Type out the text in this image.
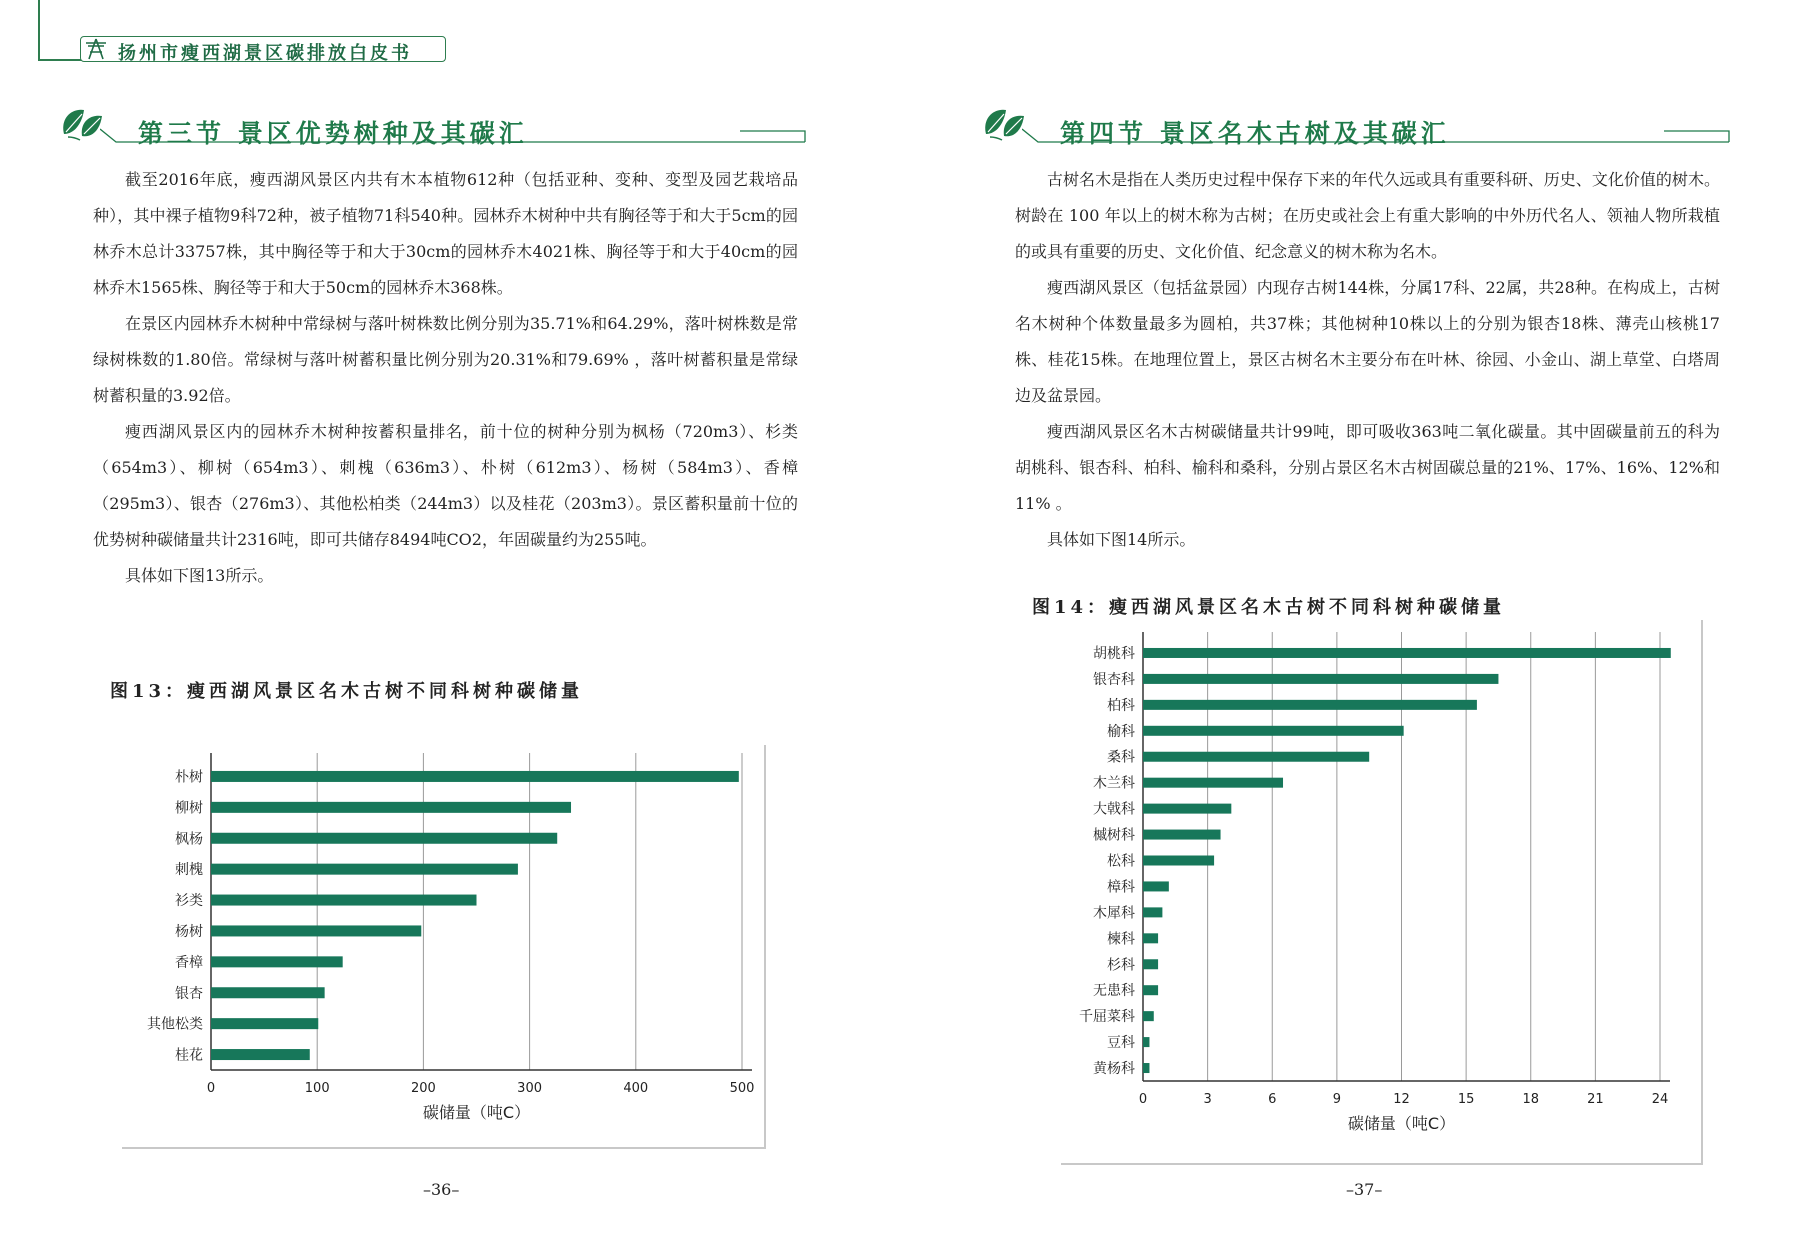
扬州市瘦西湖景区碳排放白皮书
第三节 景区优势树种及其碳汇

截至2016年底，瘦西湖风景区内共有木本植物612种（包括亚种、变种、变型及园艺栽培品种），其中裸子植物9科72种，被子植物71科540种。园林乔木树种中共有胸径等于和大于5cm的园林乔木总计33757株，其中胸径等于和大于30cm的园林乔木4021株、胸径等于和大于40cm的园林乔木1565株、胸径等于和大于50cm的园林乔木368株。

在景区内园林乔木树种中常绿树与落叶树株数比例分别为35.71%和64.29%，落叶树株数是常绿树株数的1.80倍。常绿树与落叶树蓄积量比例分别为20.31%和79.69% ，落叶树蓄积量是常绿树蓄积量的3.92倍。

瘦西湖风景区内的园林乔木树种按蓄积量排名，前十位的树种分别为枫杨（720m3）、杉类（654m3）、柳树（654m3）、刺槐（636m3）、朴树（612m3）、杨树（584m3）、香樟（295m3）、银杏（276m3）、其他松柏类（244m3）以及桂花（203m3）。景区蓄积量前十位的优势树种碳储量共计2316吨，即可共储存8494吨CO2，年固碳量约为255吨。

具体如下图13所示。

图13：瘦西湖风景区名木古树不同科树种碳储量
朴树
柳树
枫杨
刺槐
衫类
杨树
香樟
银杏
其他松类
桂花
0	100	200	300	400	500
碳储量（吨C）
–36–
第四节 景区名木古树及其碳汇

古树名木是指在人类历史过程中保存下来的年代久远或具有重要科研、历史、文化价值的树木。树龄在 100 年以上的树木称为古树；在历史或社会上有重大影响的中外历代名人、领袖人物所栽植的或具有重要的历史、文化价值、纪念意义的树木称为名木。

瘦西湖风景区（包括盆景园）内现存古树144株，分属17科、22属，共28种。在构成上，古树名木树种个体数量最多为圆柏，共37株；其他树种10株以上的分别为银杏18株、薄壳山核桃17株、桂花15株。在地理位置上，景区古树名木主要分布在叶林、徐园、小金山、湖上草堂、白塔周边及盆景园。

瘦西湖风景区名木古树碳储量共计99吨，即可吸收363吨二氧化碳量。其中固碳量前五的科为胡桃科、银杏科、柏科、榆科和桑科，分别占景区名木古树固碳总量的21%、17%、16%、12%和11% 。

具体如下图14所示。

图14：瘦西湖风景区名木古树不同科树种碳储量
胡桃科
银杏科
柏科
榆科
桑科
木兰科
大戟科
槭树科
松科
樟科
木犀科
楝科
杉科
无患科
千屈菜科
豆科
黄杨科
0	3	6	9	12	15	18	21	24
碳储量（吨C）
–37–
